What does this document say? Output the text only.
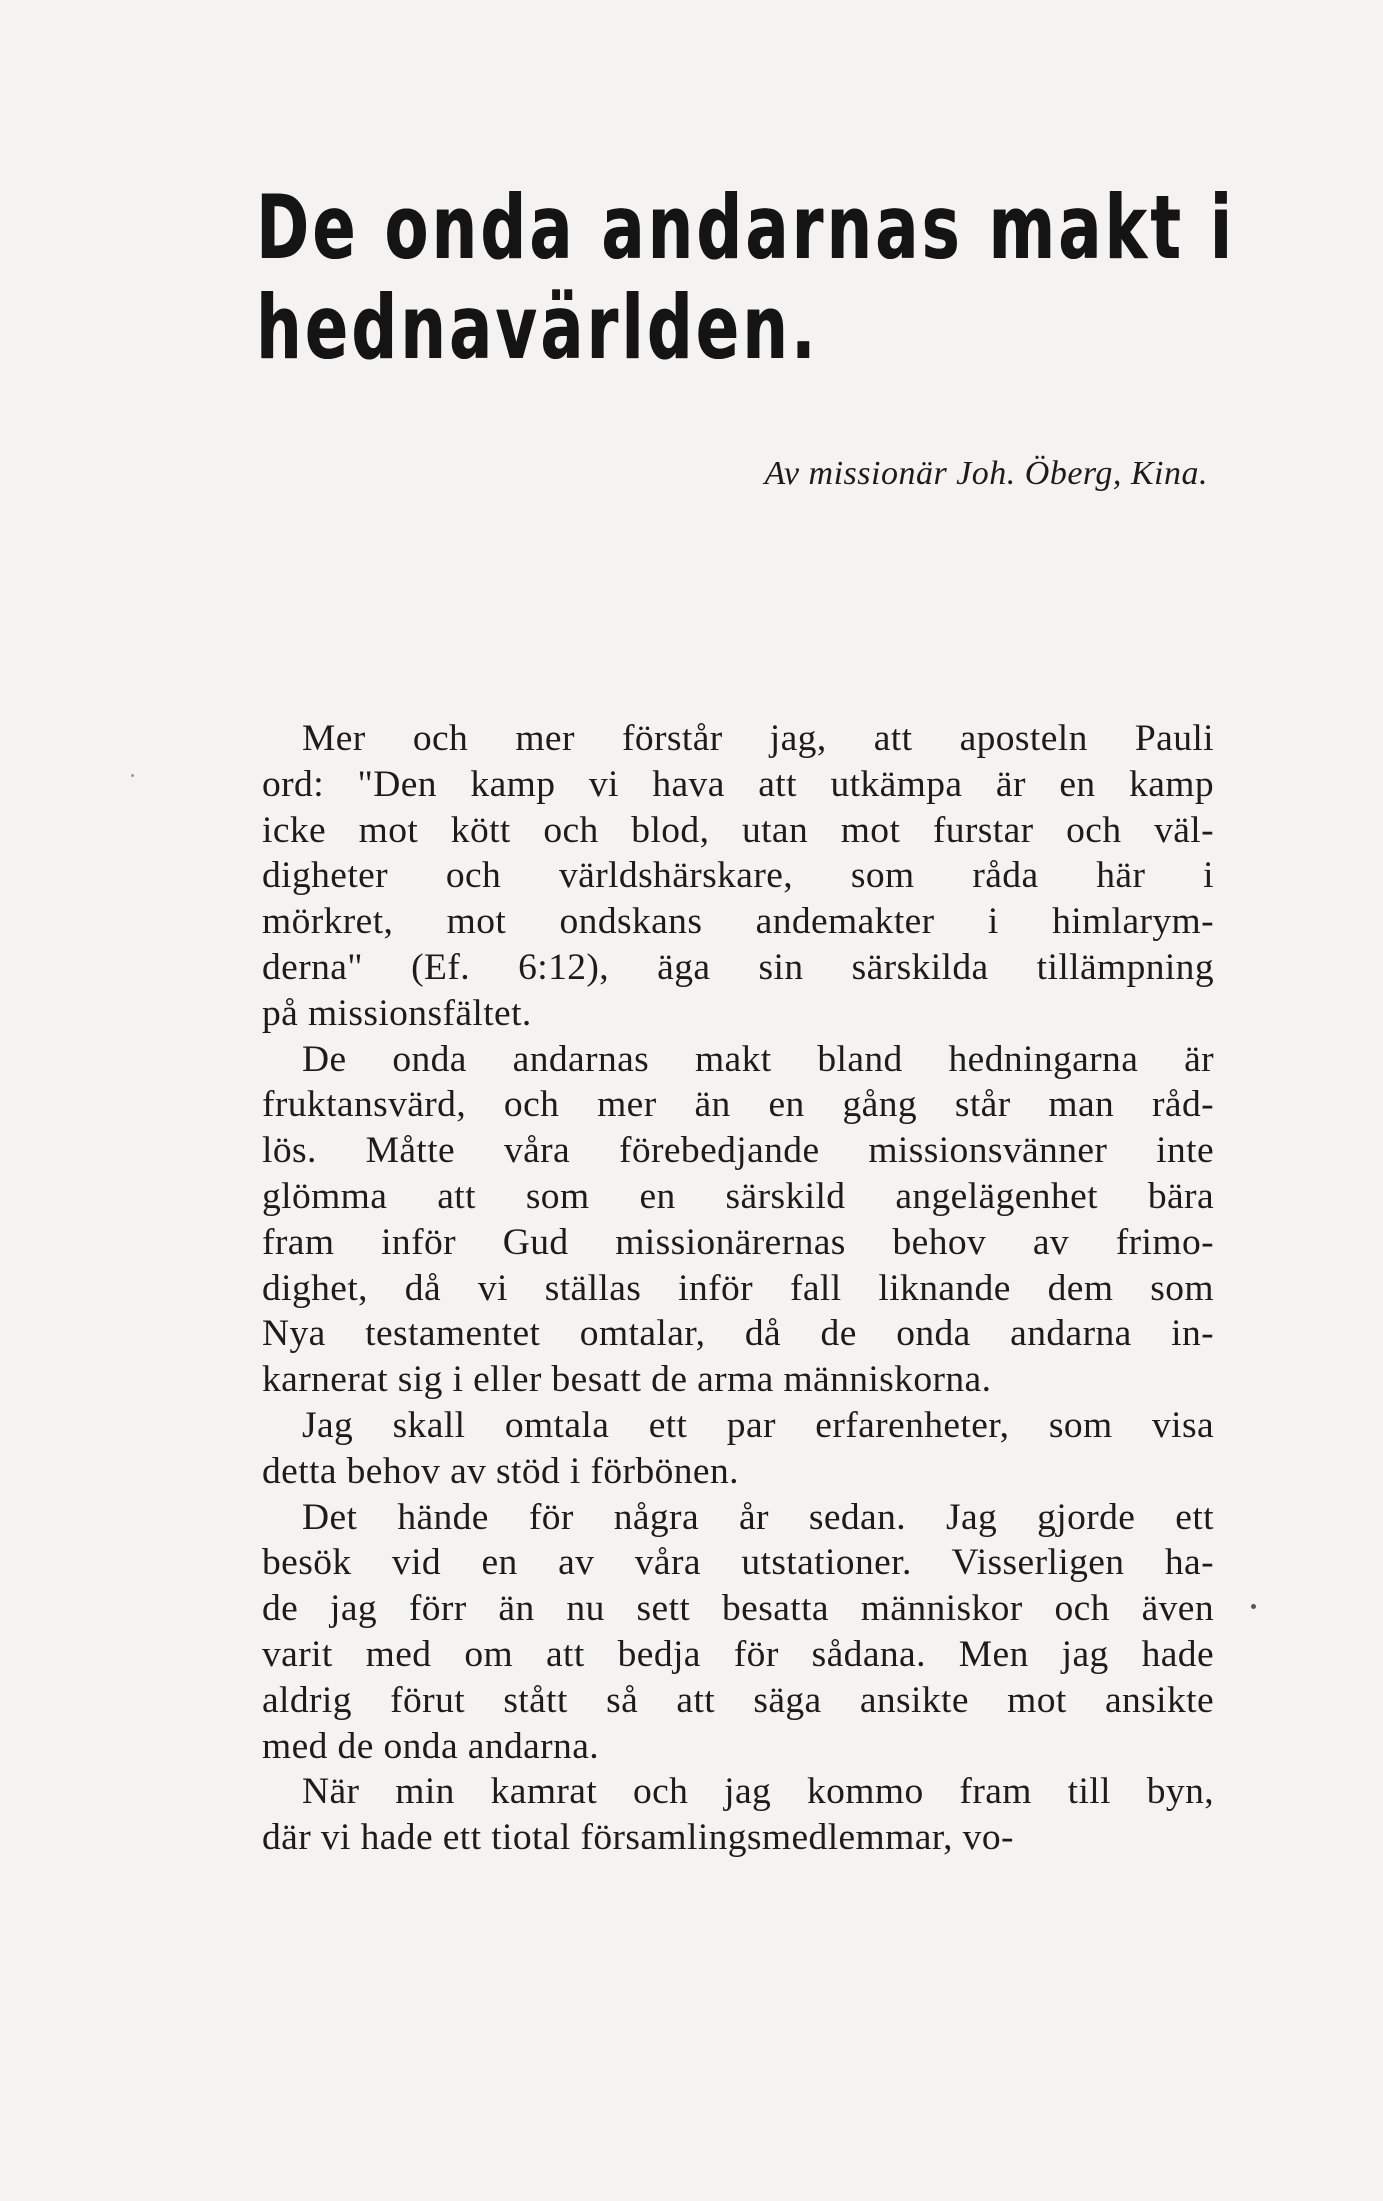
De onda andarnas makt i
hednavärlden.

Av missionär Joh. Öberg, Kina.

Mer och mer förstår jag, att aposteln Pauli
ord: "Den kamp vi hava att utkämpa är en kamp
icke mot kött och blod, utan mot furstar och väl-
digheter och världshärskare, som råda här i
mörkret, mot ondskans andemakter i himlarym-
derna" (Ef. 6:12), äga sin särskilda tillämpning
på missionsfältet.
De onda andarnas makt bland hedningarna är
fruktansvärd, och mer än en gång står man råd-
lös. Måtte våra förebedjande missionsvänner inte
glömma att som en särskild angelägenhet bära
fram inför Gud missionärernas behov av frimo-
dighet, då vi ställas inför fall liknande dem som
Nya testamentet omtalar, då de onda andarna in-
karnerat sig i eller besatt de arma människorna.
Jag skall omtala ett par erfarenheter, som visa
detta behov av stöd i förbönen.
Det hände för några år sedan. Jag gjorde ett
besök vid en av våra utstationer. Visserligen ha-
de jag förr än nu sett besatta människor och även
varit med om att bedja för sådana. Men jag hade
aldrig förut stått så att säga ansikte mot ansikte
med de onda andarna.
När min kamrat och jag kommo fram till byn,
där vi hade ett tiotal församlingsmedlemmar, vo-
